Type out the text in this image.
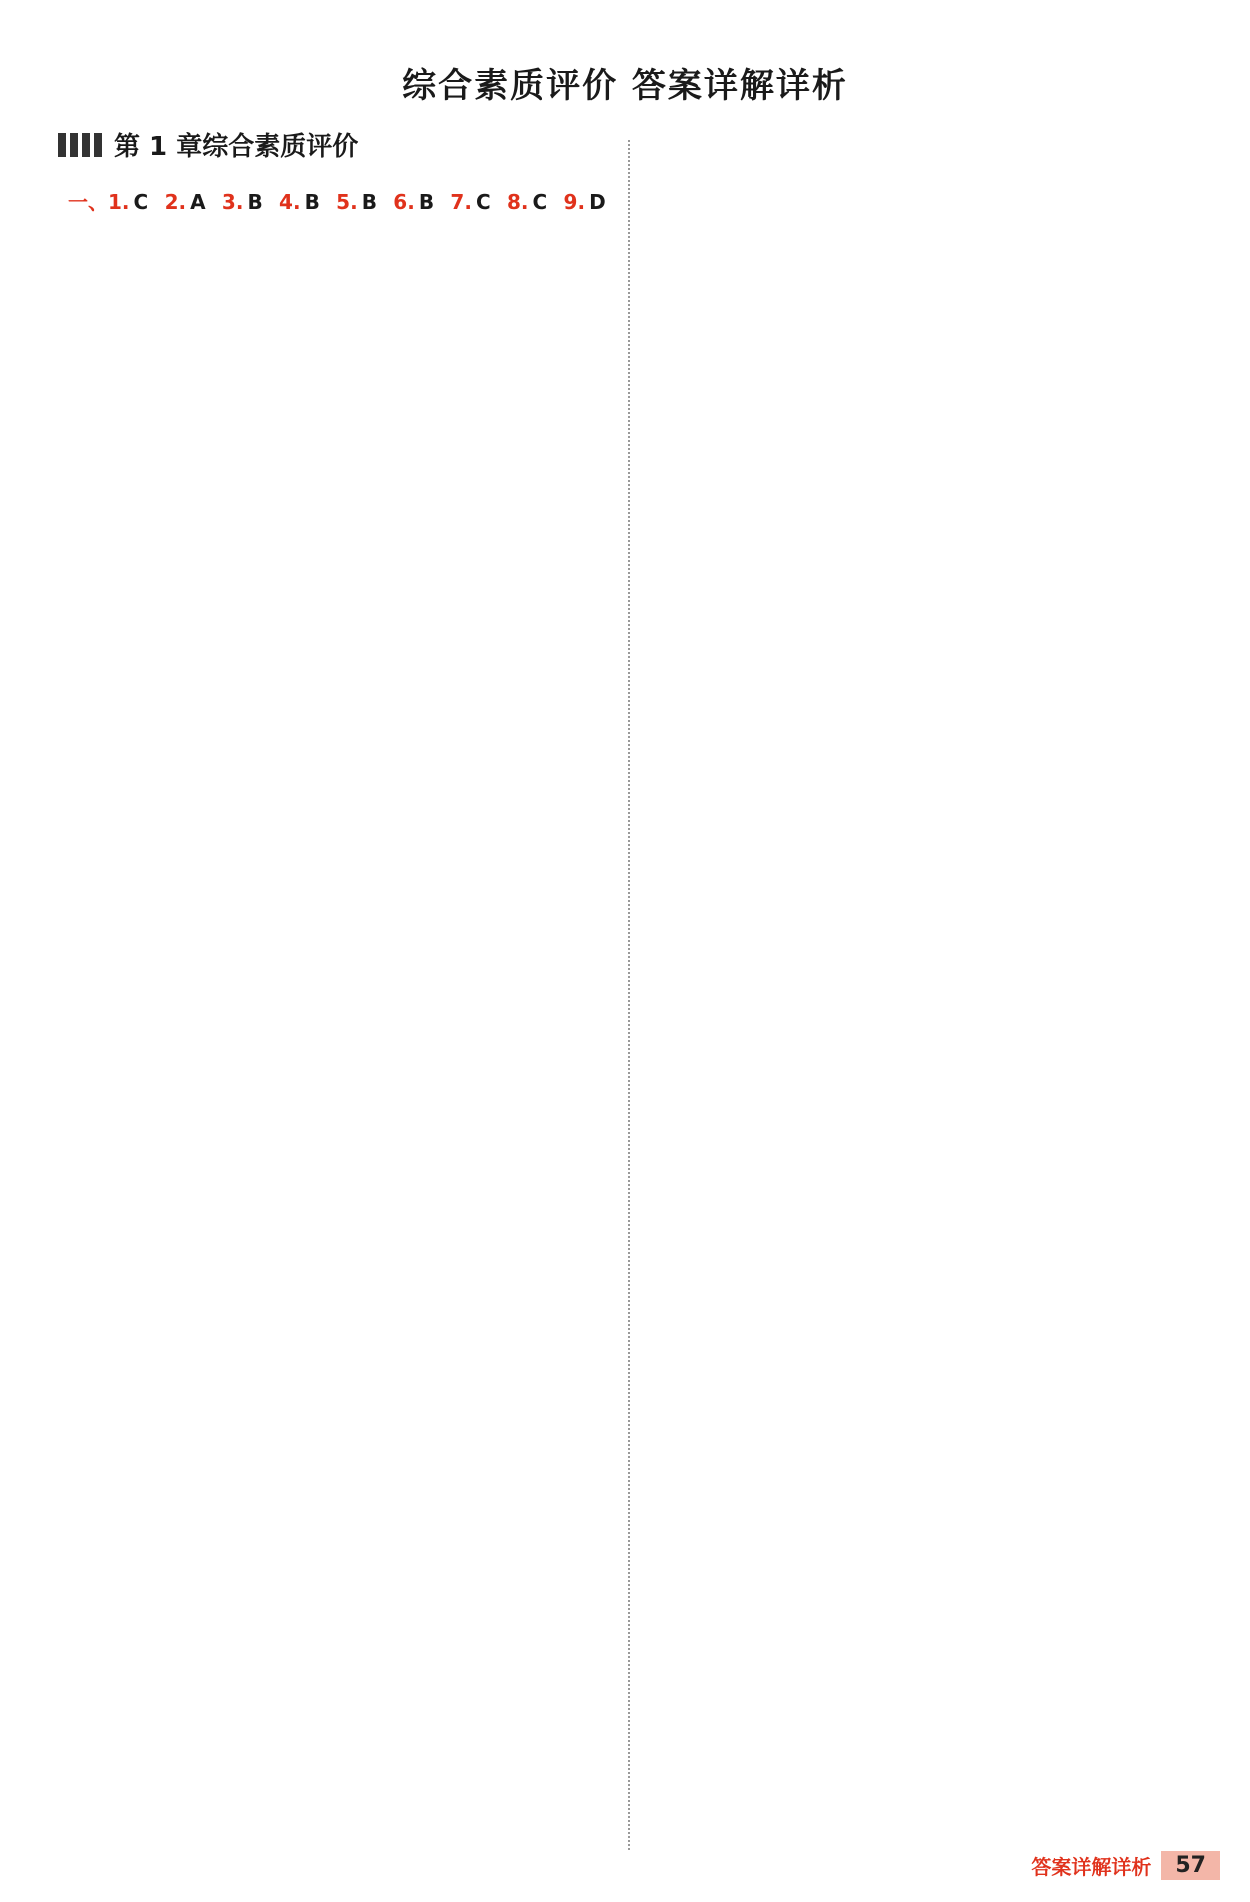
综合素质评价 答案详解详析
第 1 章综合素质评价
一、1. C 2. A 3. B 4. B 5. B 6. B 7. C 8. C 9. D
答案详解详析	57
